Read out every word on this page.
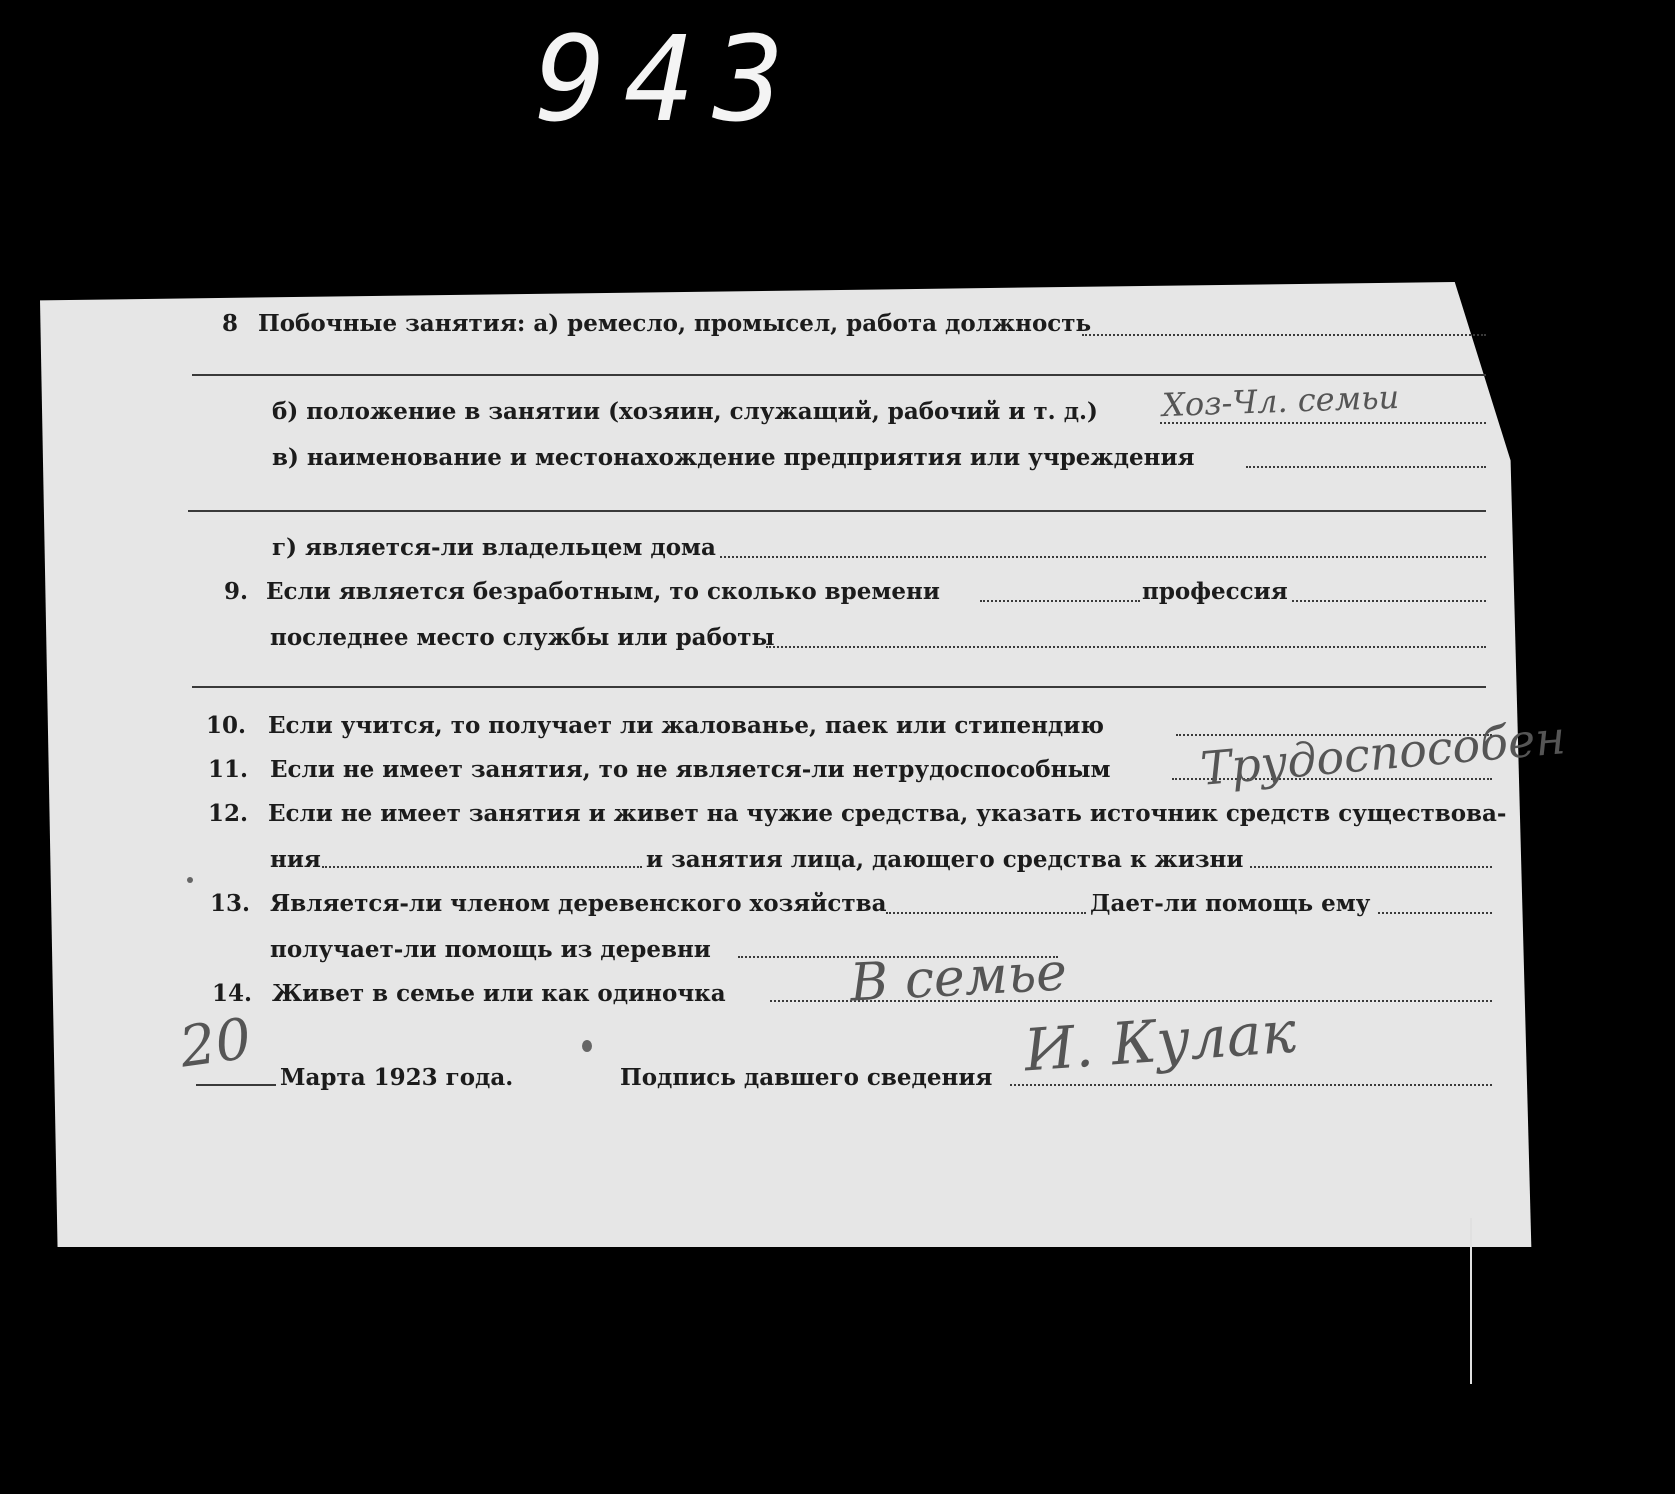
943
8 Побочные занятия: а) ремесло, промысел, работа должность
б) положение в занятии (хозяин, служащий, рабочий и т. д.) Хоз-Чл. семьи
в) наименование и местонахождение предприятия или учреждения
г) является-ли владельцем дома
9. Если является безработным, то сколько времени	профессия
последнее место службы или работы
10. Если учится, то получает ли жалованье, паек или стипендию
11. Если не имеет занятия, то не является-ли нетрудоспособным Трудоспособен
12. Если не имеет занятия и живет на чужие средства, указать источник средств существова-
ния	и занятия лица, дающего средства к жизни
13. Является-ли членом деревенского хозяйства	Дает-ли помощь ему
получает-ли помощь из деревни
14. Живет в семье или как одиночка В семье
20 Марта 1923 года.	Подпись давшего сведения И. Кулак
